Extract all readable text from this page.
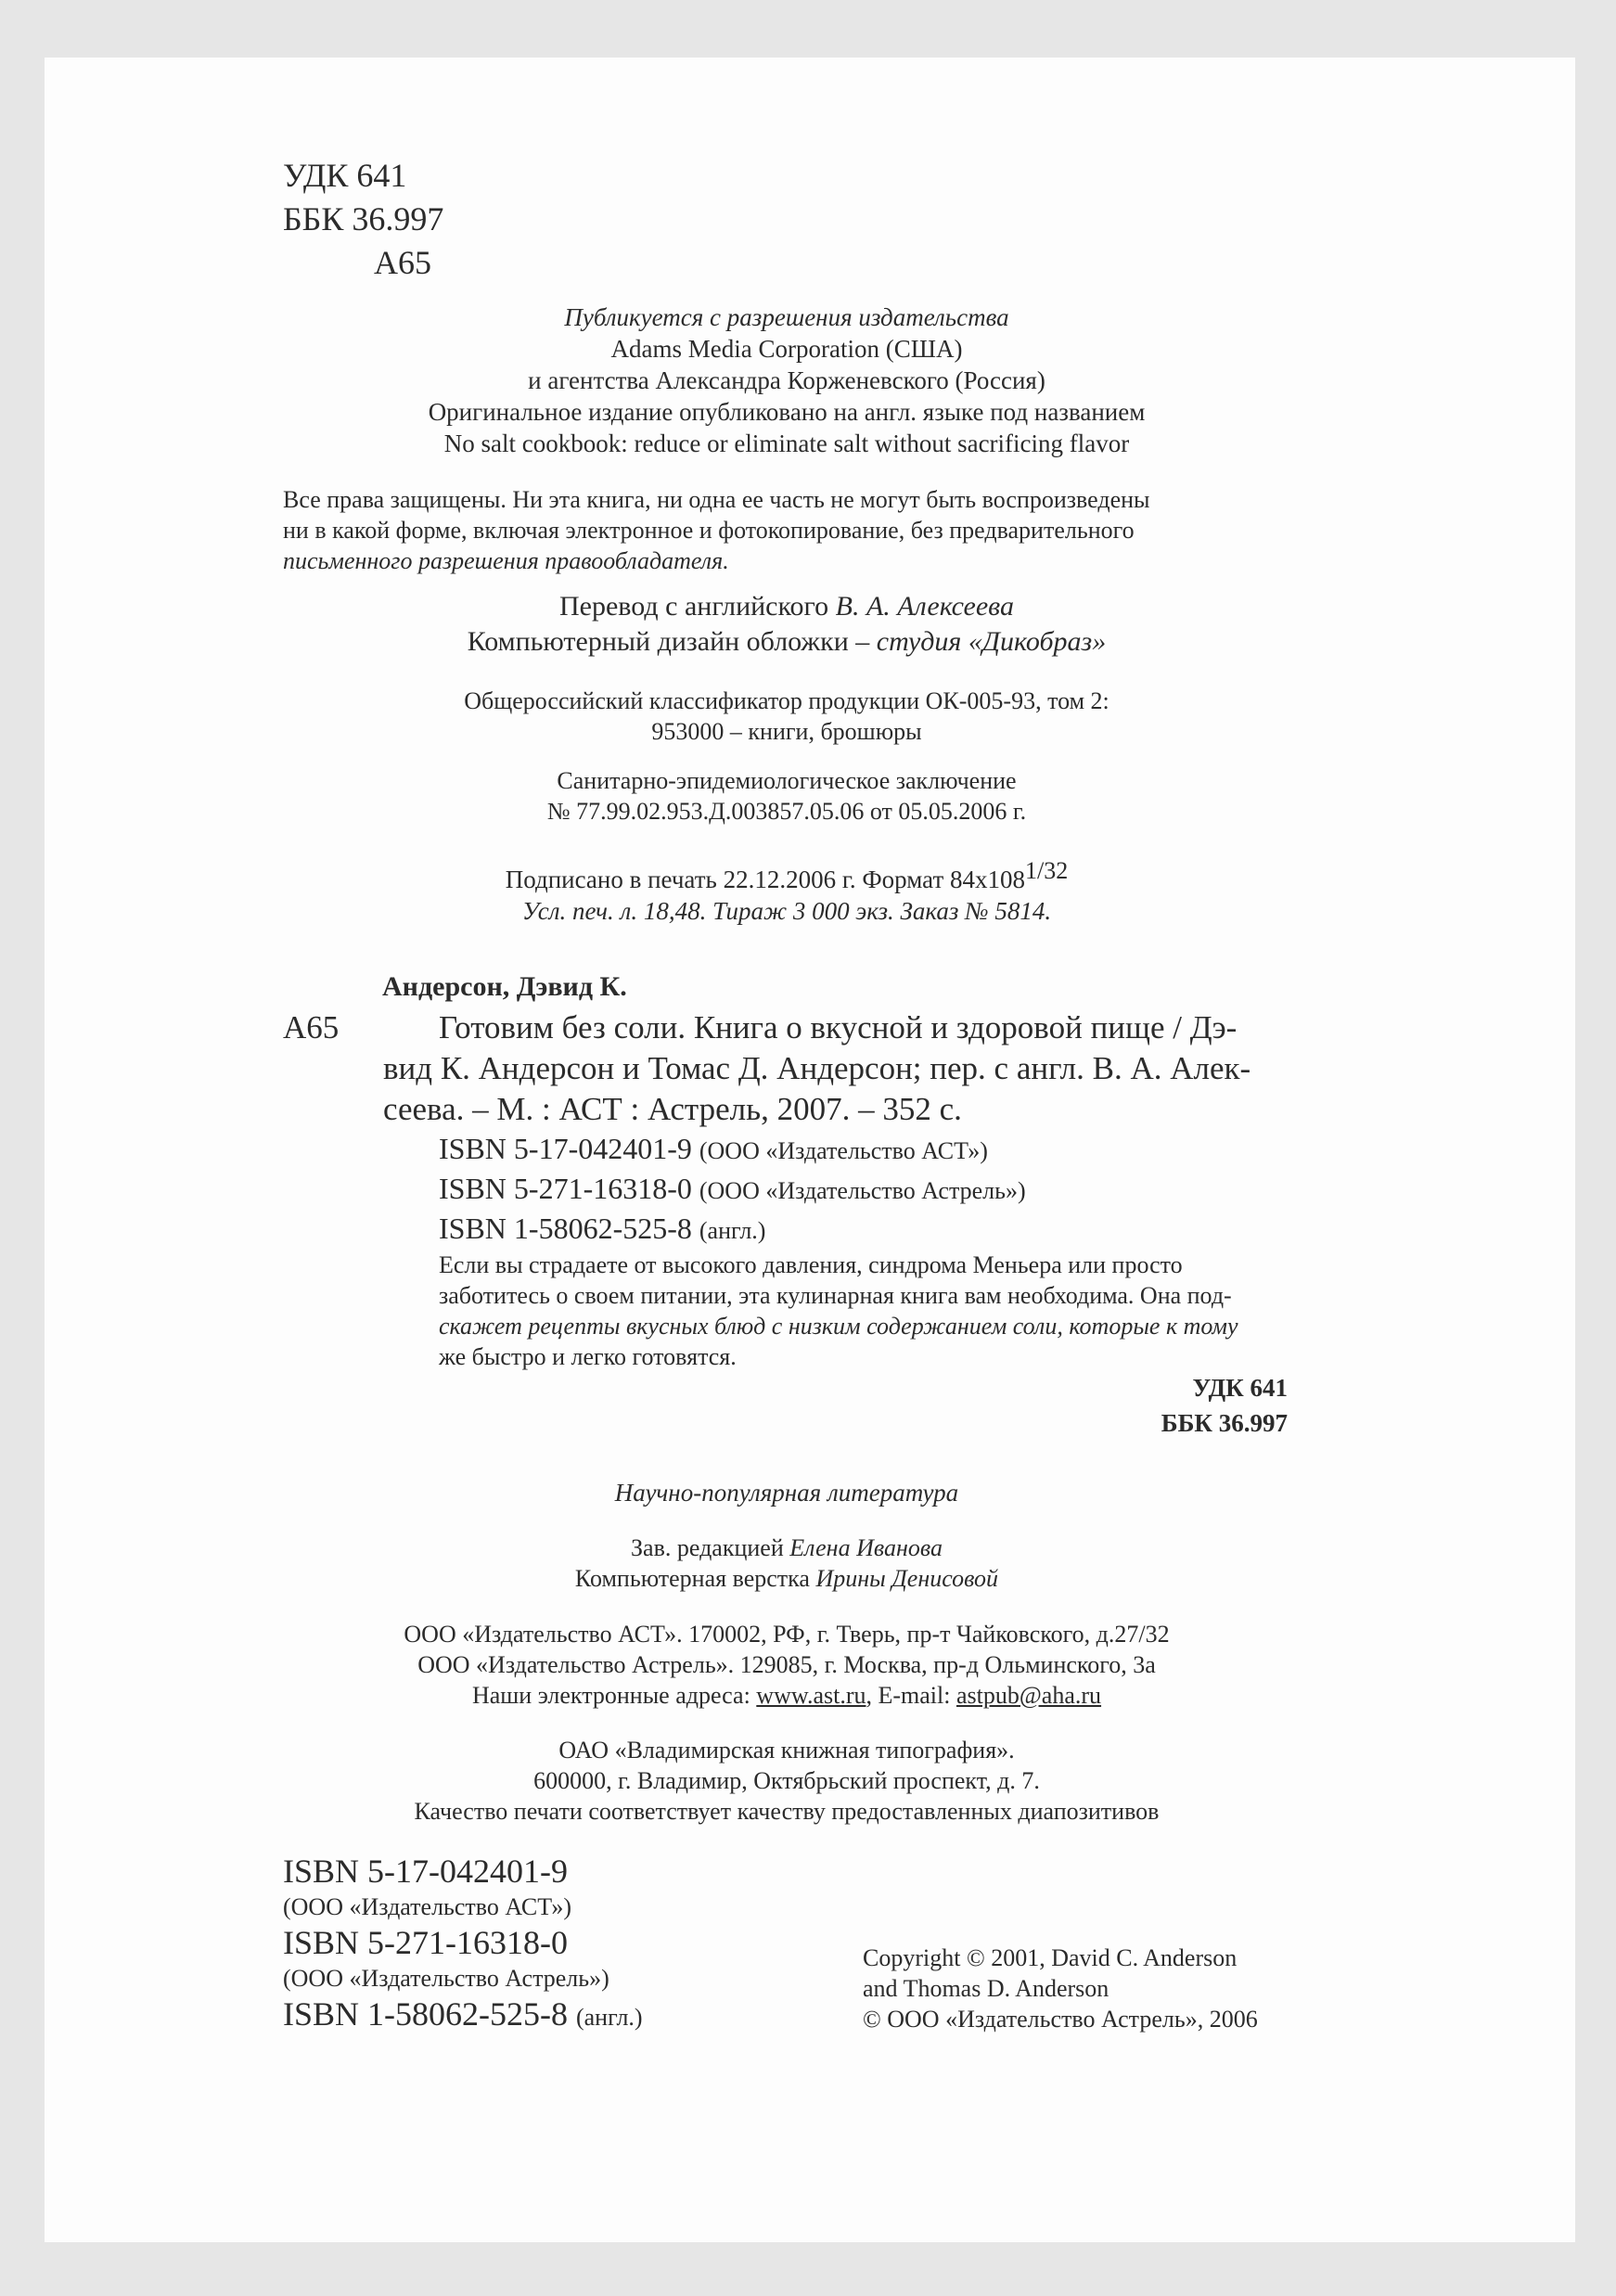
УДК 641
ББК 36.997
А65
Публикуется с разрешения издательства
Adams Media Corporation (США)
и агентства Александра Корженевского (Россия)
Оригинальное издание опубликовано на англ. языке под названием
No salt cookbook: reduce or eliminate salt without sacrificing flavor
Все права защищены. Ни эта книга, ни одна ее часть не могут быть воспроизведены
ни в какой форме, включая электронное и фотокопирование, без предварительного
письменного разрешения правообладателя.
Перевод с английского В. А. Алексеева
Компьютерный дизайн обложки – студия «Дикобраз»
Общероссийский классификатор продукции ОК-005-93, том 2:
953000 – книги, брошюры
Санитарно-эпидемиологическое заключение
№ 77.99.02.953.Д.003857.05.06 от 05.05.2006 г.
Подписано в печать 22.12.2006 г. Формат $84х108^{1/32}$
Усл. печ. л. 18,48. Тираж 3 000 экз. Заказ № 5814.
Андерсон, Дэвид К.
А65	Готовим без соли. Книга о вкусной и здоровой пище / Дэ-
вид К. Андерсон и Томас Д. Андерсон; пер. с англ. В. А. Алек-
сеева. – М. : АСТ : Астрель, 2007. – 352 с.
ISBN 5-17-042401-9 (ООО «Издательство АСТ»)
ISBN 5-271-16318-0 (ООО «Издательство Астрель»)
ISBN 1-58062-525-8 (англ.)
Если вы страдаете от высокого давления, синдрома Меньера или просто
заботитесь о своем питании, эта кулинарная книга вам необходима. Она под-
скажет рецепты вкусных блюд с низким содержанием соли, которые к тому
же быстро и легко готовятся.
УДК 641
ББК 36.997
Научно-популярная литература
Зав. редакцией Елена Иванова
Компьютерная верстка Ирины Денисовой
ООО «Издательство АСТ». 170002, РФ, г. Тверь, пр-т Чайковского, д.27/32
ООО «Издательство Астрель». 129085, г. Москва, пр-д Ольминского, 3а
Наши электронные адреса: www.ast.ru, E-mail: astpub@aha.ru
ОАО «Владимирская книжная типография».
600000, г. Владимир, Октябрьский проспект, д. 7.
Качество печати соответствует качеству предоставленных диапозитивов
ISBN 5-17-042401-9
(ООО «Издательство АСТ»)
ISBN 5-271-16318-0
(ООО «Издательство Астрель»)
ISBN 1-58062-525-8 (англ.)
Copyright © 2001, David C. Anderson
and Thomas D. Anderson
© ООО «Издательство Астрель», 2006
